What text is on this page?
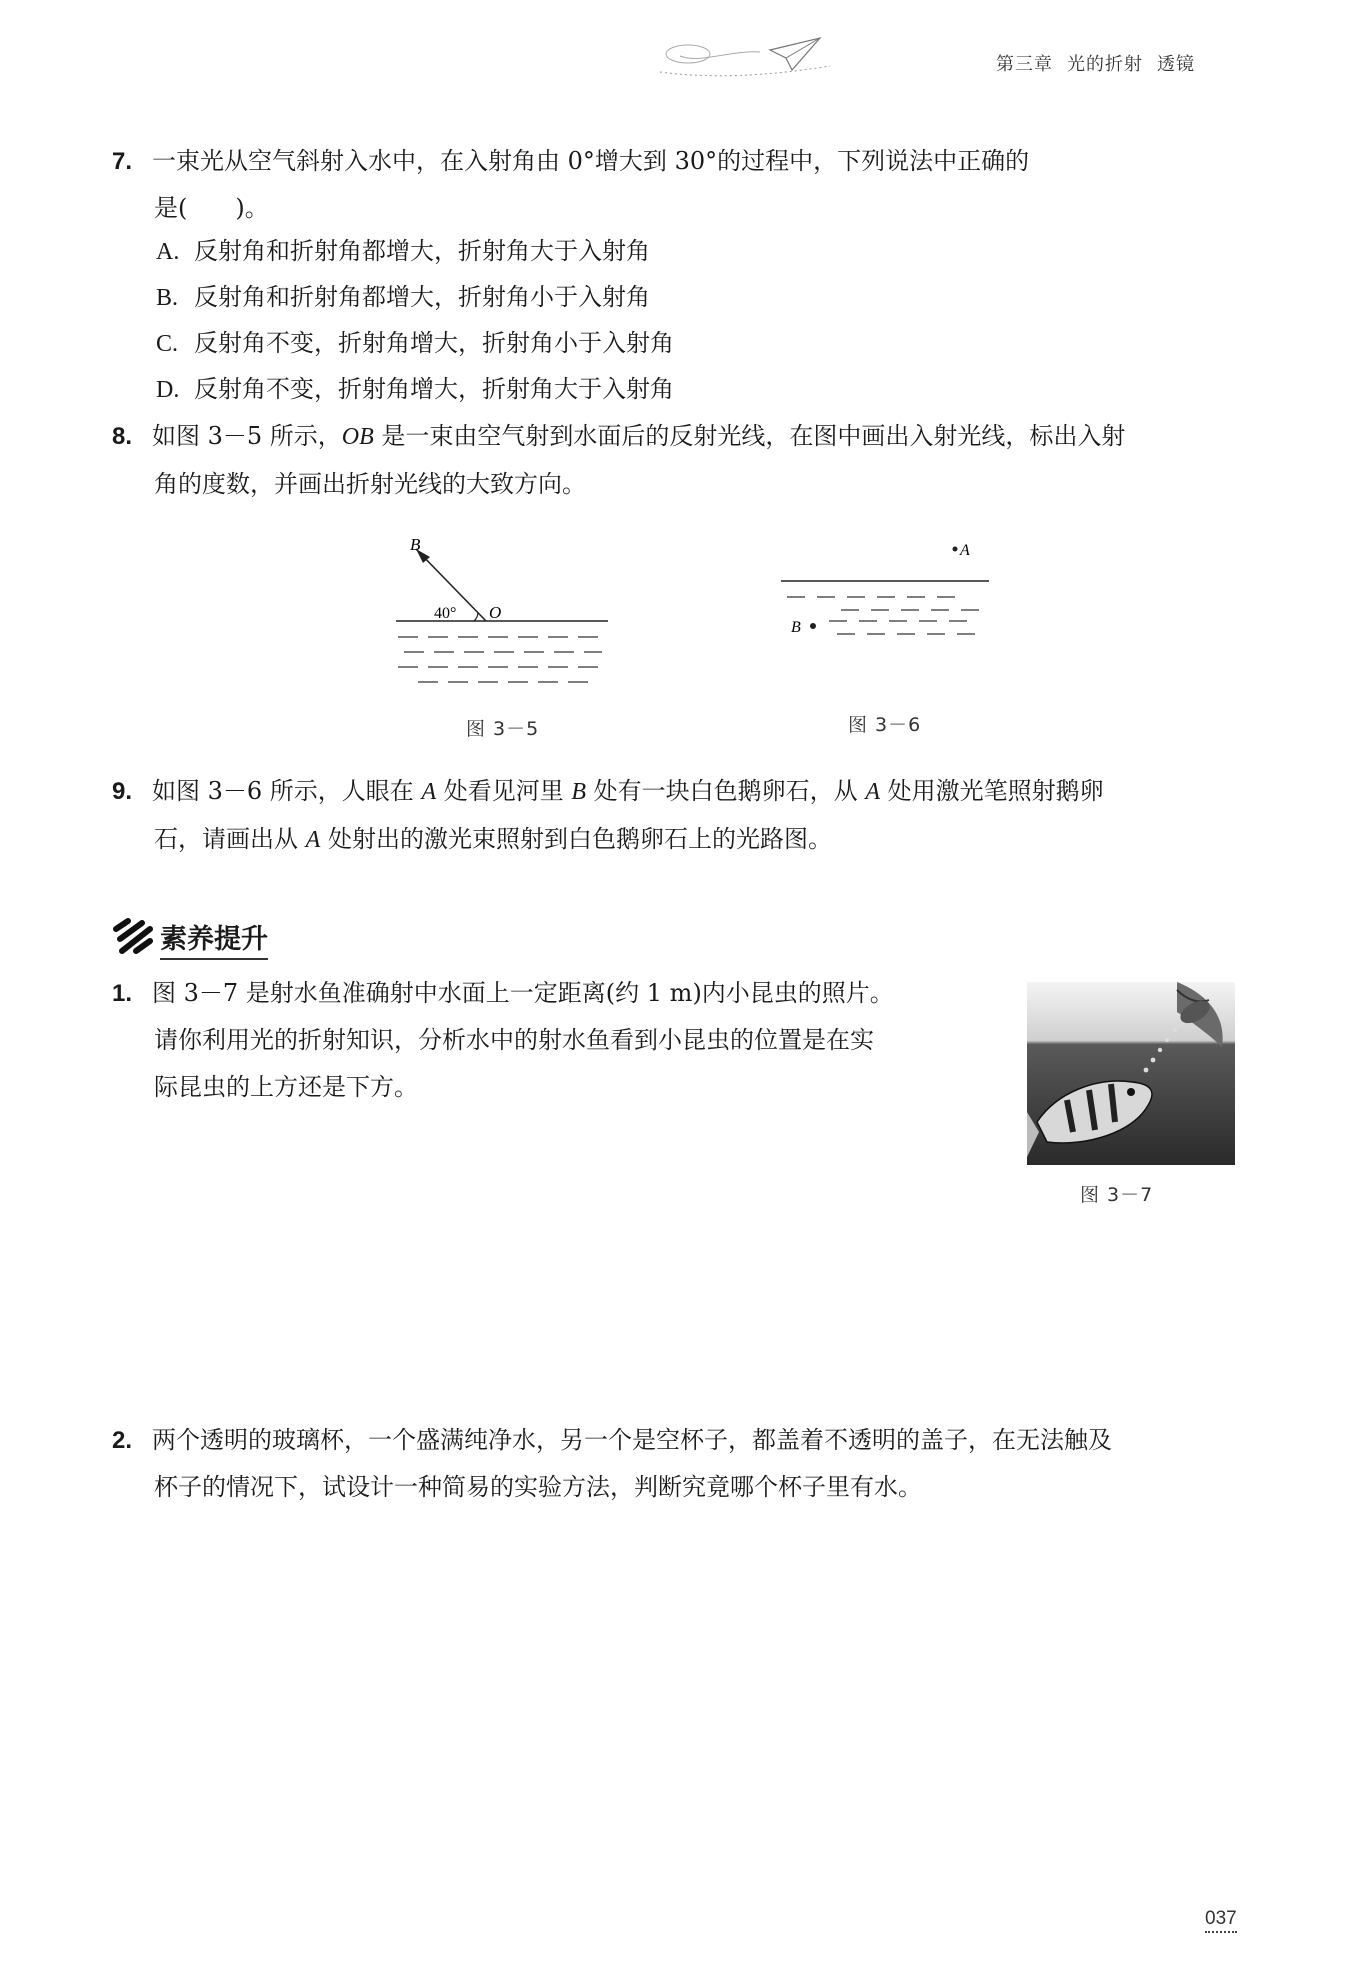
第三章 光的折射 透镜
7. 一束光从空气斜射入水中，在入射角由 0°增大到 30°的过程中，下列说法中正确的
是(　　)。
A. 反射角和折射角都增大，折射角大于入射角
B. 反射角和折射角都增大，折射角小于入射角
C. 反射角不变，折射角增大，折射角小于入射角
D. 反射角不变，折射角增大，折射角大于入射角
8. 如图 3－5 所示，OB 是一束由空气射到水面后的反射光线，在图中画出入射光线，标出入射
角的度数，并画出折射光线的大致方向。
B
O
40°
图 3－5
A
B
图 3－6
9. 如图 3－6 所示，人眼在 A 处看见河里 B 处有一块白色鹅卵石，从 A 处用激光笔照射鹅卵
石，请画出从 A 处射出的激光束照射到白色鹅卵石上的光路图。
素养提升
1. 图 3－7 是射水鱼准确射中水面上一定距离(约 1 m)内小昆虫的照片。
请你利用光的折射知识，分析水中的射水鱼看到小昆虫的位置是在实
际昆虫的上方还是下方。
图 3－7
2. 两个透明的玻璃杯，一个盛满纯净水，另一个是空杯子，都盖着不透明的盖子，在无法触及
杯子的情况下，试设计一种简易的实验方法，判断究竟哪个杯子里有水。
037
